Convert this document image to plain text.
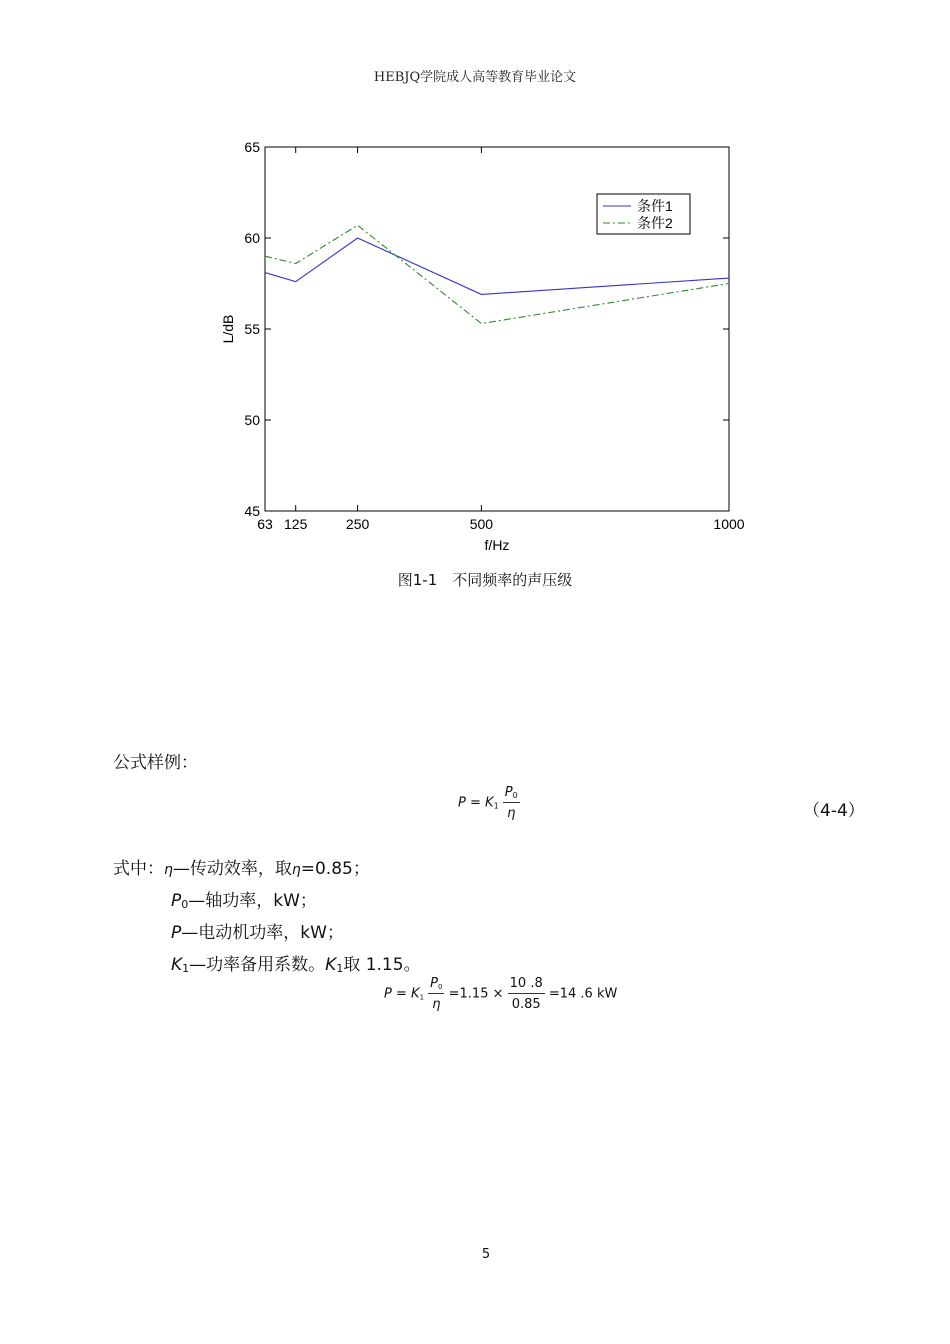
HEBJQ学院成人高等教育毕业论文
45
50
55
60
65
63 125	250	500	1000
f/Hz
L/dB
条件1
条件2
图1-1　不同频率的声压级
公式样例：
$P = K_1 \frac{P_0}{\eta}$	（4-4）
式中：η—传动效率，取η=0.85；
P0—轴功率，kW；
P—电动机功率，kW；
K1—功率备用系数。K1取 1.15。
$P = K_1 \frac{P_0}{\eta} =1.15 \times \frac{10 .8}{0.85} =14$ .6 kW
5
